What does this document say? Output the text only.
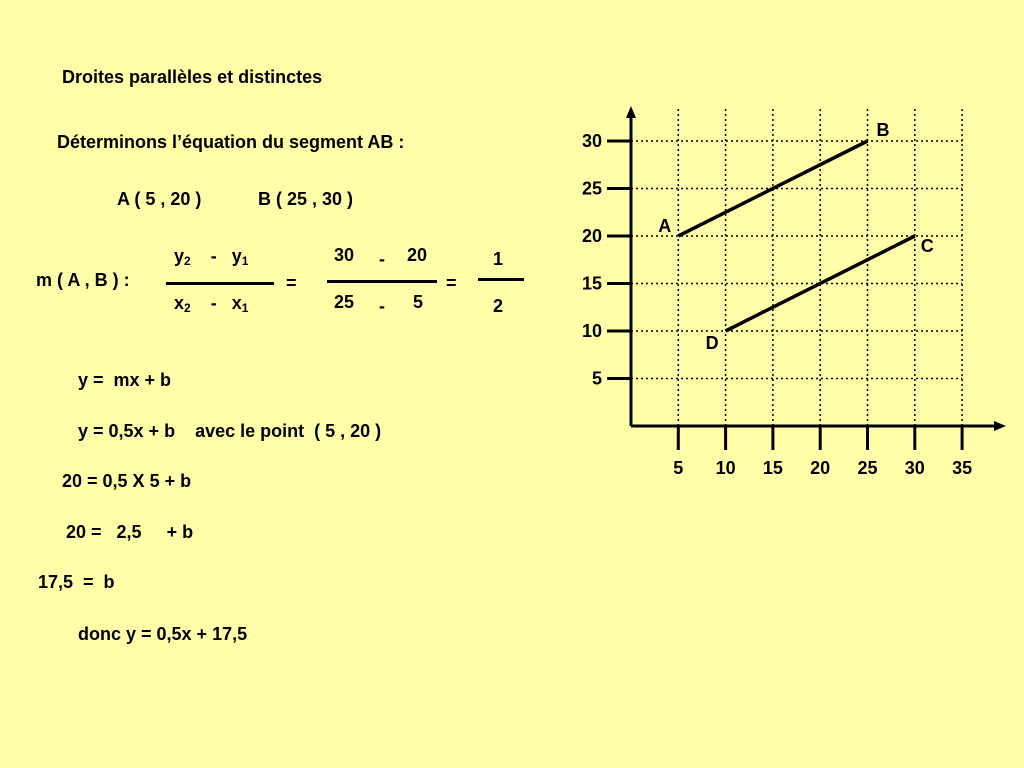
Droites parallèles et distinctes
Déterminons l’équation du segment AB :
A ( 5 , 20 )	B ( 25 , 30 )
m ( A , B ) :
$y_2 - y_1$
$x_2 - x_1$
=
30 - 20
25 - 5
=
1
2
y =  mx + b
y = 0,5x + b    avec le point  ( 5 , 20 )
20 = 0,5 X 5 + b
20 =   2,5     + b
17,5  =  b
donc y = 0,5x + 17,5
5 10 15 20 25 30 35
5
10
15
20
25
30
A
B
D
C
